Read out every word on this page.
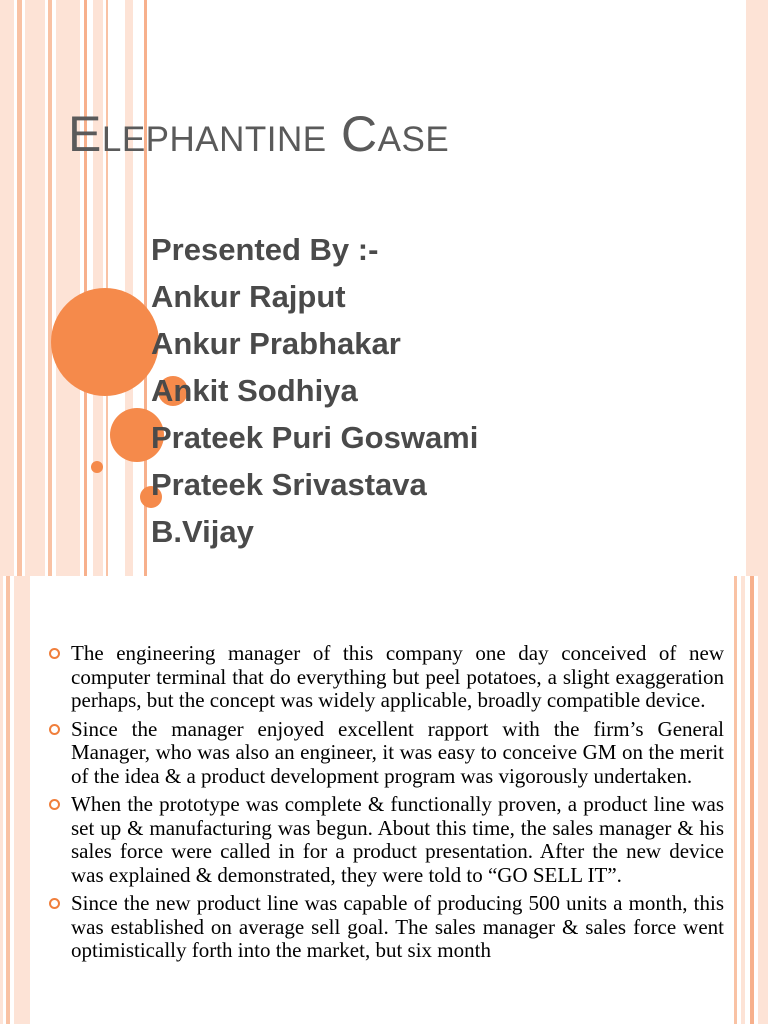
Elephantine Case
Presented By :-
Ankur Rajput
Ankur Prabhakar
Ankit Sodhiya
Prateek Puri Goswami
Prateek Srivastava
B.Vijay
The engineering manager of this company one day conceived of new computer terminal that do everything but peel potatoes, a slight exaggeration perhaps, but the concept was widely applicable, broadly compatible device.
Since the manager enjoyed excellent rapport with the firm’s General Manager, who was also an engineer, it was easy to conceive GM on the merit of the idea & a product development program was vigorously undertaken.
When the prototype was complete & functionally proven, a product line was set up & manufacturing was begun. About this time, the sales manager & his sales force were called in for a product presentation. After the new device was explained & demonstrated, they were told to “GO SELL IT”.
Since the new product line was capable of producing 500 units a month, this was established on average sell goal. The sales manager & sales force went optimistically forth into the market, but six month
